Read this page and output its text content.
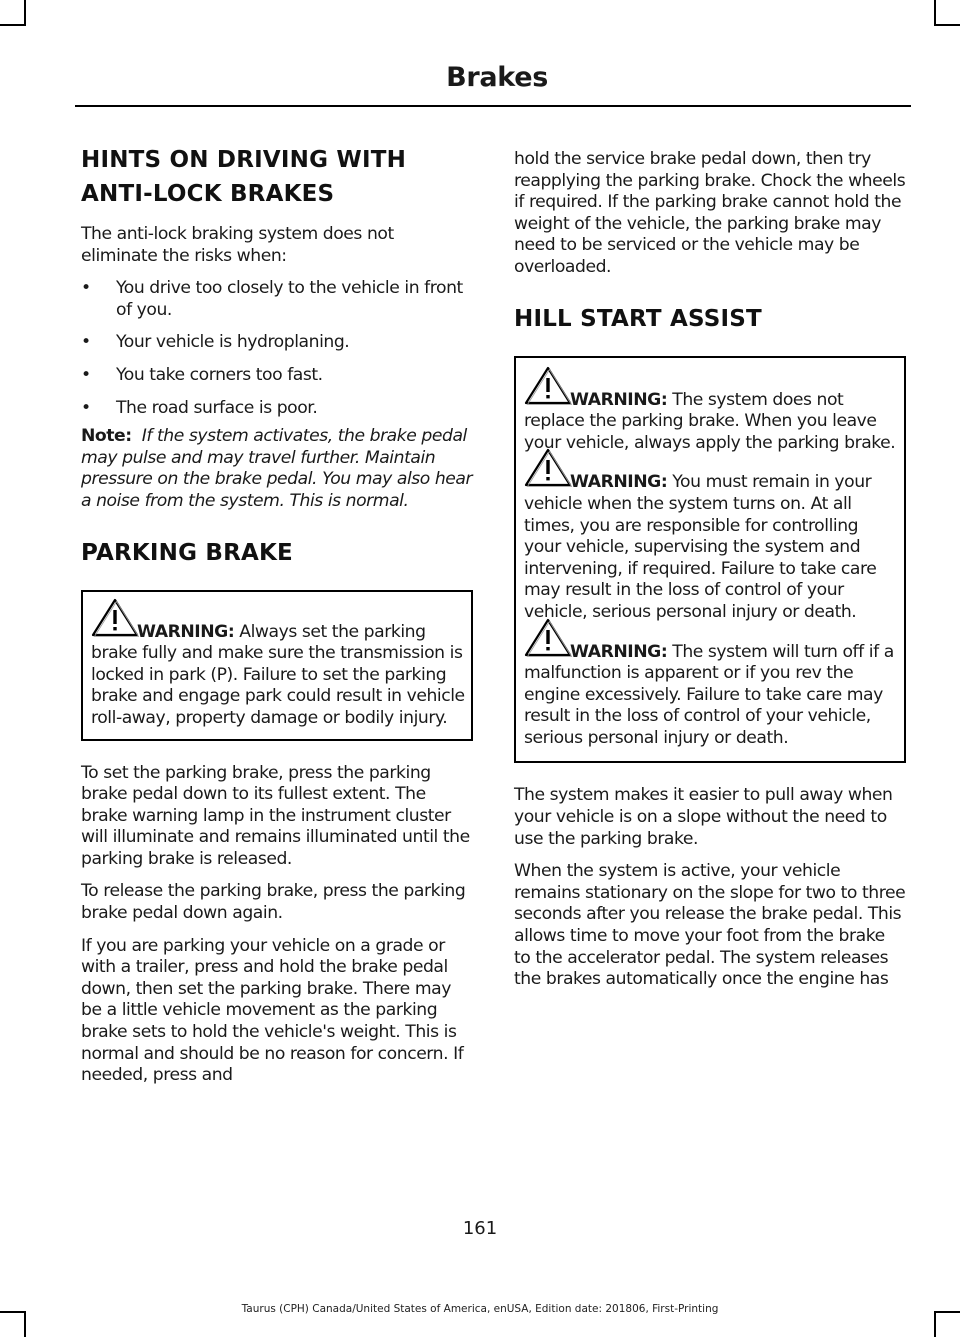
Brakes
HINTS ON DRIVING WITH ANTI-LOCK BRAKES

The anti-lock braking system does not eliminate the risks when:

• You drive too closely to the vehicle in front of you.
• Your vehicle is hydroplaning.
• You take corners too fast.
• The road surface is poor.

Note: If the system activates, the brake pedal may pulse and may travel further. Maintain pressure on the brake pedal. You may also hear a noise from the system. This is normal.

PARKING BRAKE

WARNING: Always set the parking brake fully and make sure the transmission is locked in park (P). Failure to set the parking brake and engage park could result in vehicle roll-away, property damage or bodily injury.

To set the parking brake, press the parking brake pedal down to its fullest extent. The brake warning lamp in the instrument cluster will illuminate and remains illuminated until the parking brake is released.

To release the parking brake, press the parking brake pedal down again.

If you are parking your vehicle on a grade or with a trailer, press and hold the brake pedal down, then set the parking brake. There may be a little vehicle movement as the parking brake sets to hold the vehicle's weight. This is normal and should be no reason for concern. If needed, press and

hold the service brake pedal down, then try reapplying the parking brake. Chock the wheels if required. If the parking brake cannot hold the weight of the vehicle, the parking brake may need to be serviced or the vehicle may be overloaded.

HILL START ASSIST

WARNING: The system does not replace the parking brake. When you leave your vehicle, always apply the parking brake.

WARNING: You must remain in your vehicle when the system turns on. At all times, you are responsible for controlling your vehicle, supervising the system and intervening, if required. Failure to take care may result in the loss of control of your vehicle, serious personal injury or death.

WARNING: The system will turn off if a malfunction is apparent or if you rev the engine excessively. Failure to take care may result in the loss of control of your vehicle, serious personal injury or death.

The system makes it easier to pull away when your vehicle is on a slope without the need to use the parking brake.

When the system is active, your vehicle remains stationary on the slope for two to three seconds after you release the brake pedal. This allows time to move your foot from the brake to the accelerator pedal. The system releases the brakes automatically once the engine has

161
Taurus (CPH) Canada/United States of America, enUSA, Edition date: 201806, First-Printing
